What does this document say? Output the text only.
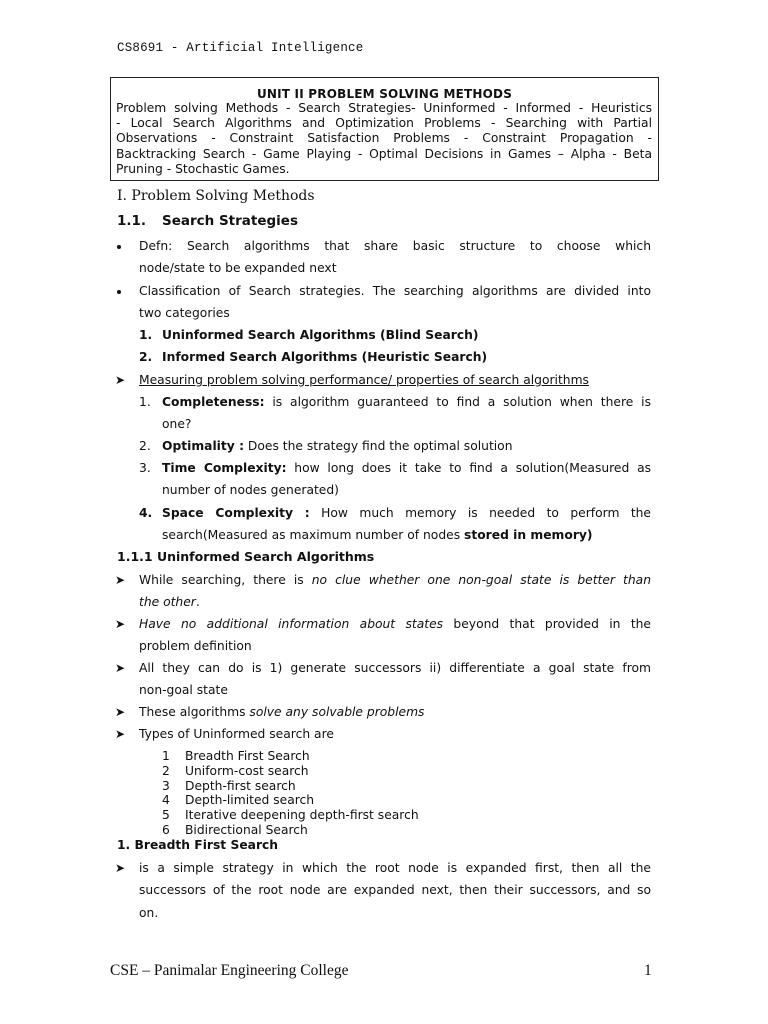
CS8691 - Artificial Intelligence
UNIT II PROBLEM SOLVING METHODS
Problem solving Methods - Search Strategies- Uninformed - Informed - Heuristics
- Local Search Algorithms and Optimization Problems - Searching with Partial
Observations - Constraint Satisfaction Problems - Constraint Propagation -
Backtracking Search - Game Playing - Optimal Decisions in Games – Alpha - Beta
Pruning - Stochastic Games.
I. Problem Solving Methods
1.1. Search Strategies
Defn: Search algorithms that share basic structure to choose which
node/state to be expanded next
Classification of Search strategies. The searching algorithms are divided into
two categories
1. Uninformed Search Algorithms (Blind Search)
2. Informed Search Algorithms (Heuristic Search)
➤ Measuring problem solving performance/ properties of search algorithms
1. Completeness: is algorithm guaranteed to find a solution when there is
one?
2. Optimality : Does the strategy find the optimal solution
3. Time Complexity: how long does it take to find a solution(Measured as
number of nodes generated)
4. Space Complexity : How much memory is needed to perform the
search(Measured as maximum number of nodes stored in memory)
1.1.1 Uninformed Search Algorithms
➤ While searching, there is no clue whether one non-goal state is better than
the other.
➤ Have no additional information about states beyond that provided in the
problem definition
➤ All they can do is 1) generate successors ii) differentiate a goal state from
non-goal state
➤ These algorithms solve any solvable problems
➤ Types of Uninformed search are
1 Breadth First Search
2 Uniform-cost search
3 Depth-first search
4 Depth-limited search
5 Iterative deepening depth-first search
6 Bidirectional Search
1. Breadth First Search
➤ is a simple strategy in which the root node is expanded first, then all the
successors of the root node are expanded next, then their successors, and so
on.
CSE – Panimalar Engineering College	1
